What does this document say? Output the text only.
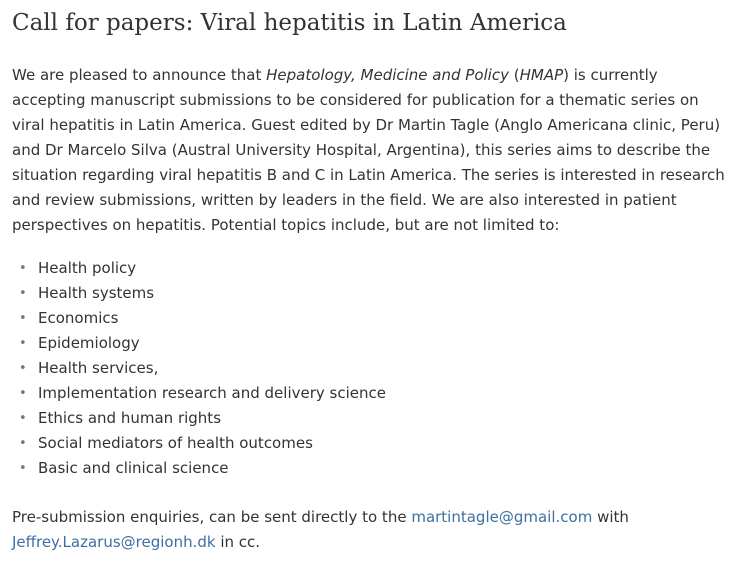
Call for papers: Viral hepatitis in Latin America

We are pleased to announce that Hepatology, Medicine and Policy (HMAP) is currently accepting manuscript submissions to be considered for publication for a thematic series on viral hepatitis in Latin America. Guest edited by Dr Martin Tagle (Anglo Americana clinic, Peru) and Dr Marcelo Silva (Austral University Hospital, Argentina), this series aims to describe the situation regarding viral hepatitis B and C in Latin America. The series is interested in research and review submissions, written by leaders in the field. We are also interested in patient perspectives on hepatitis. Potential topics include, but are not limited to:

• Health policy
• Health systems
• Economics
• Epidemiology
• Health services,
• Implementation research and delivery science
• Ethics and human rights
• Social mediators of health outcomes
• Basic and clinical science

Pre-submission enquiries, can be sent directly to the martintagle@gmail.com with
Jeffrey.Lazarus@regionh.dk in cc.
